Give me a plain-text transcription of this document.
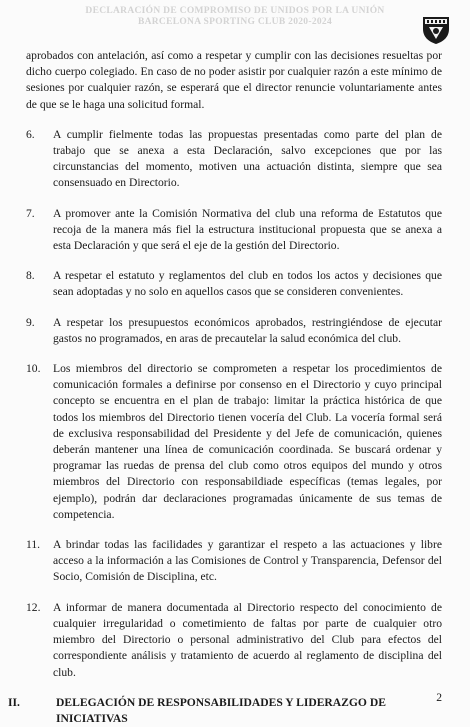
DECLARACIÓN DE COMPROMISO DE UNIDOS POR LA UNIÓN
BARCELONA SPORTING CLUB 2020-2024

aprobados con antelación, así como a respetar y cumplir con las decisiones resueltas por dicho cuerpo colegiado. En caso de no poder asistir por cualquier razón a este mínimo de sesiones por cualquier razón, se esperará que el director renuncie voluntariamente antes de que se le haga una solicitud formal.

6. A cumplir fielmente todas las propuestas presentadas como parte del plan de trabajo que se anexa a esta Declaración, salvo excepciones que por las circunstancias del momento, motiven una actuación distinta, siempre que sea consensuado en Directorio.
7. A promover ante la Comisión Normativa del club una reforma de Estatutos que recoja de la manera más fiel la estructura institucional propuesta que se anexa a esta Declaración y que será el eje de la gestión del Directorio.
8. A respetar el estatuto y reglamentos del club en todos los actos y decisiones que sean adoptadas y no solo en aquellos casos que se consideren convenientes.
9. A respetar los presupuestos económicos aprobados, restringiéndose de ejecutar gastos no programados, en aras de precautelar la salud económica del club.
10. Los miembros del directorio se comprometen a respetar los procedimientos de comunicación formales a definirse por consenso en el Directorio y cuyo principal concepto se encuentra en el plan de trabajo: limitar la práctica histórica de que todos los miembros del Directorio tienen vocería del Club. La vocería formal será de exclusiva responsabilidad del Presidente y del Jefe de comunicación, quienes deberán mantener una línea de comunicación coordinada. Se buscará ordenar y programar las ruedas de prensa del club como otros equipos del mundo y otros miembros del Directorio con responsabildiade específicas (temas legales, por ejemplo), podrán dar declaraciones programadas únicamente de sus temas de competencia.
11. A brindar todas las facilidades y garantizar el respeto a las actuaciones y libre acceso a la información a las Comisiones de Control y Transparencia, Defensor del Socio, Comisión de Disciplina, etc.
12. A informar de manera documentada al Directorio respecto del conocimiento de cualquier irregularidad o cometimiento de faltas por parte de cualquier otro miembro del Directorio o personal administrativo del Club para efectos del correspondiente análisis y tratamiento de acuerdo al reglamento de disciplina del club.
II.	DELEGACIÓN DE RESPONSABILIDADES Y LIDERAZGO DE INICIATIVAS
2
